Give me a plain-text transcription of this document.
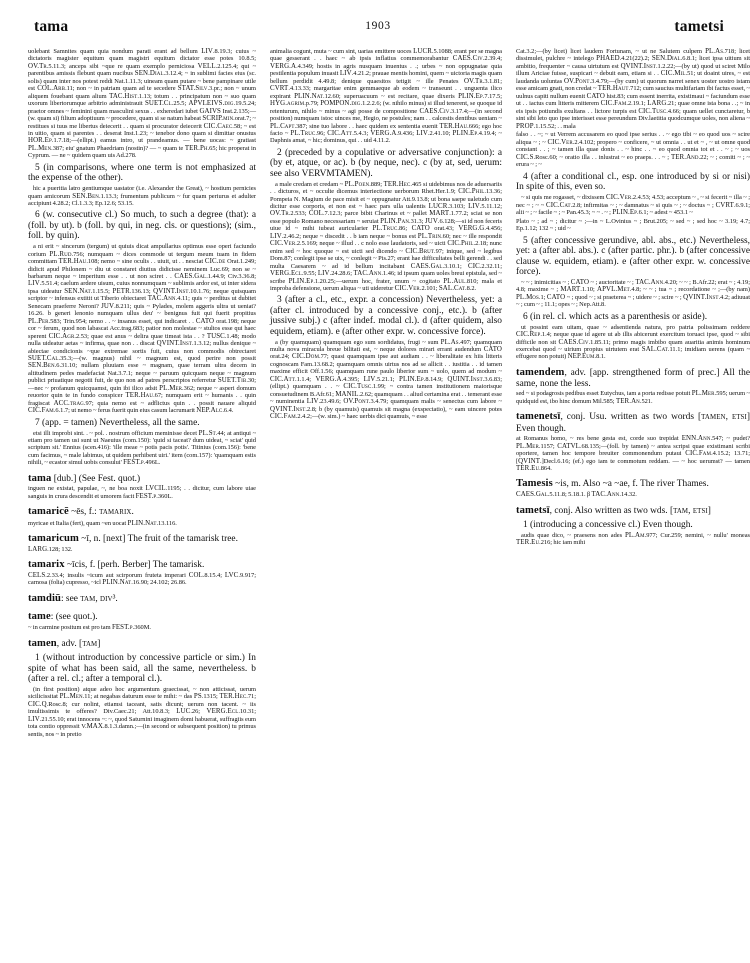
tama	1903	tametsi

uolebant Samnites quam quia nondum parati erant ad bellum LIV.8.19.3; cuius ~ dictatoris magister equitum quam magistri equitum dictator esse potes 10.8.5; OV.Tr.5.11.3; anceps sibi ~que re quam exemplo perniciosa VELL.2.125.4; qui ~ parentibus amissis flebunt quam nucibus SEN.Dial.3.12.4; ~ in sublimi facies eius (sc. solis) quam inter nos potest reddi Nat.1.11.3; uineam quam putare ~ bene pampinare utile est COL.Arb.11; non ~ in patriam quam ad te secedere STAT.Silv.3.pr.; non ~ unum aliquem fouebant quam alium TAC.Hist.1.13; totum . . principatum non ~ suo quam uxorum libertorumque arbitrio administrauit SUET.Cl.25.5; APVLEIVS.dig.19.5.24; praetor omnes ~ feminini quam masculini sexus . . exheredari iubet GAIVS Inst.2.135;—(w. quam si) filium adoptiuum ~ procedere, quam si se natum habeat SCRIP.min.orat.7; ~ restitues si tuus me libertus deiecerit . . quam si procurator deiecerit CIC.Caec.58; ~ est in uitio, quam si parentes . . deserat Inst.1.23; ~ tenebor dono quam si dimittar onustus HOR.Ep.1.7.18;—(ellipt.) eamus intro, ut prandeamus. — bene uocas: ~ gratiast PL.Men.387; eiu' gnatum Phaedriam (nostin)? — ~ quam te TER.Ph.65; hic properat in Cyprum. — ne ~ quidem quam uis Ad.278.

5 (in comparisons, where one term is not emphasized at the expense of the other).

hic a pueritia latro gentiumque uastator (i.e. Alexander the Great), ~ hostium pernicies quam amicorum SEN.Ben.1.13.3; frumentum publicum ~ fur quam periurus et adulter accipiunt 4.28.2; Cl.1.3.3; Ep.12.6; 53.15.

6 (w. consecutive cl.) So much, to such a degree (that): a (foll. by ut). b (foll. by qui, in neg. cls. or questions); (sim., foll. by quin).

a ni erit ~ sincerum (tergum) ut quiuis dicat ampullarius optimus esse operi faciundo corium PL.Rud.756; numquam ~ dices commode ut tergum meum tuam in fidem committam TER.Hau.108; nemo ~ sine oculis . . uiuit, ut . . nesciat CIC.de Orat.1.249; didicit apud Philonem ~ diu ut constaret diutius didicisse neminem Luc.69; non se ~ barbarum neque ~ imperitum esse . . ut non sciret . . CAES.Gal.1.44.9; Civ.3.36.8; LIV.5.51.4; caelum ardere uisum, cuius nonnumquam ~ sublimis ardor est, ut inter sidera ipsa uideatur SEN.Nat.1.15.5; PETR.136.13; QVINT.Inst.10.1.76; neque quisquam scriptor ~ infensus extitit ut Tiberio obiectaret TAC.Ann.4.11; quis ~ perditus ut dubitet Senecam praeferre Neroni? JUV.8.211; quis ~ Pylades, molem aggeris ultra ut ueniat? 16.26. b generi lenonio numquam ullus deu' ~ benignus fuit qui fuerit propitius PL.Per.583; Trin.954; nemo . . ~ insanus esset, qui indicaret . . CATO orat.198; neque cor ~ ferum, quod non labascat Acc.trag.683; patior non molestae ~ stultos esse qui haec sperent CIC.Agr.2.53; quae est anus ~ delira quae timeat ista . . ? TUSC.1.48; modo nulla uideatur aetas ~ infirma, quae non . . discat QVINT.Inst.1.3.12; nullus denique ~ abiectae condicionis ~que extremae sortis fuit, cuius non commodis obtrectaret SUET.Cal.35.3;—(w. magnus) nihil ~ magnum est, quod perire non possit SEN.Ben.6.31.10; nullam pluuiam esse ~ magnam, quae terram ultra decem in altitudinem pedes madefaciat Nat.3.7.1; neque ~ paruum quicquam neque ~ magnum publici priuatique negotii fuit, de quo non ad patres perscriptos referretur SUET.Tib.30;—nec ~ profanum quicquamst, quin ibi ilico adsit PL.Mer.362; neque ~ asperi domum reuortor quin te in fundo conspicer TER.Hau.67; numquam erit ~ humanis . . quin fragiscat ACC.trag.97; quia nemo est ~ adflictus quin . . possit nauare aliquid CIC.Fam.6.1.7; ut nemo ~ ferus fuerit quin eius casum lacrumarit NEP.Alc.6.4.

7 (app. = tamen) Nevertheless, all the same.

etsi illi improbi sint. . ~ pol. . nostrum officium meminisse decet PL.St.44; at antiqui ~ etiam pro tamen usi sunt ut Naeuius (com.150): 'quid si taceat? dum uideat, ~ sciat' quid scriptum sit.' Ennius (scen.416): 'ille meae ~ potis pacis potis'. Titinius (com.156): 'bene cum facimus, ~ male labimus, ut quidem perhibent uiri.' item (com.157): 'quamquam estis nihili, ~ ecastor simul uobis consului' FEST.p.496L.

tama [dub.] (See Fest. quot.)

inguen ne existat, papulae, ~, ne boa noxit LVCIL.1195; . . dicitur, cum labore uiae sanguis in crura descendit et umorem facit FEST.p.360L.

tamaricē ~ēs, f.: TAMARIX.

myricae et Italia (fert), quam ~en uocat PLIN.Nat.13.116.

tamaricum ~ī, n. [next] The fruit of the tamarisk tree.

LARG.128; 132.

tamarix ~īcis, f. [perh. Berber] The tamarisk.

CELS.2.33.4; insulis ~icum aut scirporum fruteta imperari COL.8.15.4; LVC.9.917; carnosa (folia) cupresso, ~icl PLIN.Nat.16.90; 24.102; 26.86.

tamdiū: see TAM, DIV³.

tame: (see quot.).

~ in carmine positum est pro tam FEST.p.360M.

tamen, adv. [TAM]

1 (without introduction by concessive particle or sim.) In spite of what has been said, all the same, nevertheless. b (after a rel. cl.; after a temporal cl.).

(in first position) atque adeo hoc argumentum graecissat, ~ non atticissat, uerum sicilicissitat PL.Men.11; at negabas daturum esse te mihi: ~ das PS.1315; TER.Hec.71; CIC.Q.Rosc.8; cur nolint, etiamsi taceant, satis dicunt; uerum non tacent. ~ iis imultissimis te offeres? Div.Caec.21; Att.10.8.3; LUC.26; VERG.Ecl.10.31; LIV.21.55.10; erat innocens ~: ~, quod Saturnini imaginem domi habuerat, suffragiis eum tota contio oppressit V.MAX.8.1.3.damn.;—(in second or subsequent position) tu primus sentis, nos ~ in pretio

animalia cogunt, muta ~ cum sint, uarias emittere uoces LUCR.5.1088; erant per se magna quae gesserant . . haec ~ ab ipsis inflatius commemorabantur CAES.Civ.2.39.4; VERG.A.4.349; hostis in agris nusquam inuentus . .; urbes ~ non oppugnatae quia pestilentia populum inuasit LIV.4.21.2; prauae mentis homini, quem ~ uictoria magis quam bellum perdidit 4.49.8; denique quaesitos tetigit ~ ille Penates OV.Tr.3.1.81; CVRT.4.13.33; margaritae enim gemmaeque ab eodem ~ transeunt . . unguenta ilico expirant PLIN.Nat.12.60; superuacuum ~ est recitare, quae dixeris PLIN.Ep.7.17.5; HYG.agrim.p.79; POMPON.dig.1.2.2.6; (w. nihilo minus) si illud tenerent, se quoque id retenturum, nihilo ~ minus ~ agi posse de compositione CAES.Civ.3.17.4;—(in second position) numquam istoc uinces me, Hegio, ne postules; nam . . calcestis dentibus ueniam ~ PL.Capt.387; sine tuo labore . . haec quidem ex sententia euenit TER.Hau.666; ego hoc facio ~ PL.Truc.96; CIC.Att.5.4.3; VERG.A.9.436; LIV.2.41.10; PLIN.Ep.4.19.4; ~ Daphnis amat, ~ hic; dominus, qui . . uid 4.11.2.

2 (preceded by a copulative or adversative conjunction): a (by et, atque, or ac). b (by neque, nec). c (by at, sed, uerum: see also VERVMTAMEN).

a male credam et credam ~ PL.Poen.889; TER.Hec.465 si uidebimus nos de aduersariis . . dicturos, et ~ occulte dicemus interiectione uerborum Rhet.Her.1.9; CIC.Phil.13.36; Pompeia N. Magium de pace misit et ~ oppugnatur Att.9.13.8; ut bona saepe ualetudo cum dicitur esse corporis, et non est ~ haec pars ulla ualentis LUCR.3.103; LIV.5.11.12; OV.Tr.2.533; COL.7.12.3; parce bibit Charinus et ~ pallet MART.1.77.2; sciat se non esse populo Romano necessariam ~ seruiat PLIN.Pan.31.3; JUV.6.128;—si id non feceris uiue id ~ mihi iubeat auricularier PL.Truc.86; CATO orat.43; VERG.G.4.456; LIV.2.46.2; neque ~ discedit . . b iam neque ~ bonus est PL.Trin.60; nec ~ ille respondit CIC.Ver.2.5.169; neque ~ illud . . c nolo esse laudatoris, sed ~ uicti CIC.Phil.2.18; nunc enim sed ~ hoc quoque ~ est uicti sed dicendo ~ CIC.Brut.97; inique, sed ~ legibus Dom.87; conlegit ipse se uix, ~ conlegit ~ Pis.27; erant hae difficultates belli gerendi . . sed multa Caesarem ~ ad id bellum incitabant CAES.Gal.3.10.1; CIC.2.32.11; VERG.Ecl.9.55; LIV.24.28.6; TAC.Ann.1.46; id ipsum quam uoles breui epistula, sed ~ scribe PLIN.Ep.1.20.25;—uerum hoc, frater, unum ~ cogitato PL.Aul.810; mala et improba defensione, uerum aliqua ~ uti uideretur CIC.Ver.2.101; SAL.Cat.8.2.

3 (after a cl., etc., expr. a concession) Nevertheless, yet: a (after cl. introduced by a concessive conj., etc.). b (after jussive subj.) c (after indef. modal cl.). d (after quidem, also equidem, etiam). e (after other expr. w. concessive force).

a (by quamquam) quamquam ego sum sordidatus, frugi ~ sum PL.As.497; quamquam multa nova miracula breue bilitati est, ~ neque dolores mirari errant audendum CATO orat.24; CIC.Dom.77; quasi quamquam ipse aut audiam . . ~ liberalitate ex hiis litteris cognoscam Fam.13.68.2; quamquam omnis uirtus nos ad se allicit . . iustitia . . id tamen maxime efficit Off.1.56; quamquam rune paulo liberior sum ~ uolo, quem ad modum ~ CIC.Att.1.1.4; VERG.A.4.395; LIV.5.21.1; PLIN.Ep.8.14.9; QUINT.Inst.3.6.83; (ellipt.) quamquam . . ~ CIC.Tusc.1.99; ~ contra tamen institutionem maiorisque consuetudinem B.Afr.61; MANIL.2.62; quamquam . . aliud certamina erat . . temerant esse ~ numinentia LIV.23.49.6; OV.Pont.3.4.79; quamquam malis ~ senectus cum labore ~ QVINT.Inst.2.8; b (by quamuis) quamuis sit magna (exspectatio), ~ eam uincere potes CIC.Fam.2.4.2;—(w. sim.) ~ haec uerbis dici quamuis, ~ esse

Cat.3.2;—(by licet) licet laudem Fortunam, ~ ut ne Salutem culpem PL.As.718; licet dissimulet, pulchre ~ intelego PHAED.4.21(22).2; SEN.Dial.6.8.1; licet ipsa uitium sit ambitio, frequenter ~ causa uirtutum est QVINT.Inst.1.2.22;—(by ut) quod ut sciret Milo illum Ariciae fuisse, suspicari ~ debuit eam, etiam si . . CIC.Mil.51; ut doaint uires, ~ est laudanda uoluntas OV.Pont.3.4.79;—(by cum) ut quorum narret senex uoster uostro istam esse amicam gnati, non credat ~ TER.Haut.712; cum saucius multifariam ibi factus esset, ~ uulnus capiti nullum euenit CATO hist.83; cum essent inerrita, existimaui ~ faciundum esse ut . . iactus cum litteris mitterem CIC.Fam.2.19.1; LARG.21; quae omne ista bona . .; ~ in eis ipsis potiundis exultans . . lictore turpis est CIC.Tusc.4.66; quam uellet cunctaretur, b sint sibi leto quo ipse interisset esse pereundum Div.laetitia quodcumque uoles, non aliena ~ PROP.1.15.52; . . mala

falso . . ~; ~ ut Verrem accusarem eo quod ipse serius . . ~ ego tibi ~ eo quod uos ~ scire aliqua ~ ; ~ CIC.Ver.2.4.102; propero ~ conficere, ~ ut omnia . . ut et ~ , ~ ut omne quod constant . . ; ~ tamen illa quae donis . . ~ hinc . . ~ eo quod omnia tot et . . ~ ; ~ uos CIC.S.Rosc.60; ~ oratio illa . . inlustrat ~ eo praeps. . . ~ ; TER.And.22; ~ ; comiti ~ ; ~ erura ~ ; ~

4 (after a conditional cl., esp. one introduced by si or nisi) In spite of this, even so.

~ si quis me rogasset, ~ dixissem CIC.Ver.2.4.53; 4.53; acceptum ~ , ~ si fecerit ~ illa ~ ; nec ~ ; ~ ~ CIC.Cat.2.8; infirmitas ~ ; ~ damnatus ~ si quis ~ ; ~ doctus ~ ; CVRT.6.9.1; alii ~ ; ~ facile ~ ; ~ Pan.45.3; ~ ~ . ~ ; PLIN.Ep.6.1; ~ adest ~ 453.1 ~

Plato ~ ; ad ~ ; dicitur ~ ;—in ~ L.Ovinius ~ ; Brut.205; ~ sed ~ ; sed hoc ~ 3.19; 4.7; Ep.1.12; 132 ~ ; uid ~

5 (after concessive gerundive, abl. abs., etc.) Nevertheless, yet: a (after abl. abs.). c (after partic. phr.). b (after concessive clause w. equidem, etiam). e (after other expr. w. concessive force).

~ ~ ; inimicitias ~ ; CATO ~ ; auctoritate ~ ; TAC.Ann.4.20; ~ ~ ; B.Afr.22; erat ~ ; 4.19; 4.8; maxime ~ ; MART.1.10; APVL.Met.4.8; ~ ~ ; tua ~ ; recordatione ~ ;—(by nam) PL.Mos.1; CATO ~ ; quod ~ ; si praeterea ~ ; uidere ~ ; scire ~ ; QVINT.Inst.4.2; adiuuat ~ ; cum ~ ; 11.1; opes ~ ; Nep.Att.8.

6 (in rel. cl. which acts as a parenthesis or aside).

ut possint eam uitam, quae ~ adsentienda natura, pro patria polissimam reddere CIC.Rep.1.4; neque quae id agere ut ab illis abicerunt exercitum toruaci ipse, quod ~ sibi difficile non sit CAES.Civ.1.85.11; primo magis imbibo quam auaritia animis hominum exercebat quod ~ uirium propius uirtutem erat SAL.Cat.11.1; imidiam uerens (quam ~ effugere non potuit) NEP.Eum.8.1.

tamendem, adv. [app. strengthened form of prec.] All the same, none the less.

sed ~ si podagrosis pedibus esset Eutychus, iam a porta redisse potuit PL.Mer.595; uerum ~ quidquid est, ibo hinc domum Mil.585; TER.An.521.

tamenetsī, conj. Usu. written as two words [TAMEN, ETSI] Even though.

at Romanus homo, ~ res bene gesta est, corde suo trepidat ENN.Ann.547; ~ pudet? PL.Mer.1157; CATVL.68.135;—(foll. by tamen) ~ antea scripsi quae existimani scribi oportere, tamen hoc tempore breuiter commonendum putaui CIC.Fam.4.15.2; 13.71; [QVINT.]Decl.6.16; (ef.) ego iam te commotum reddam. — ~ hoc uerumst? — tamen TER.Eu.864.

Tamesis ~is, m. Also ~a ~ae, f. The river Thames.

CAES.Gal.5.11.8; 5.18.1. β TAC.Ann.14.32.

tametsī, conj. Also written as two wds. [TAM, ETSI]

1 (introducing a concessive cl.) Even though.

audis quae dico, ~ praesens non ades PL.Am.977; Cur.259; nemini, ~ nullu' moneas TER.Eu.216; hic iam mihi
